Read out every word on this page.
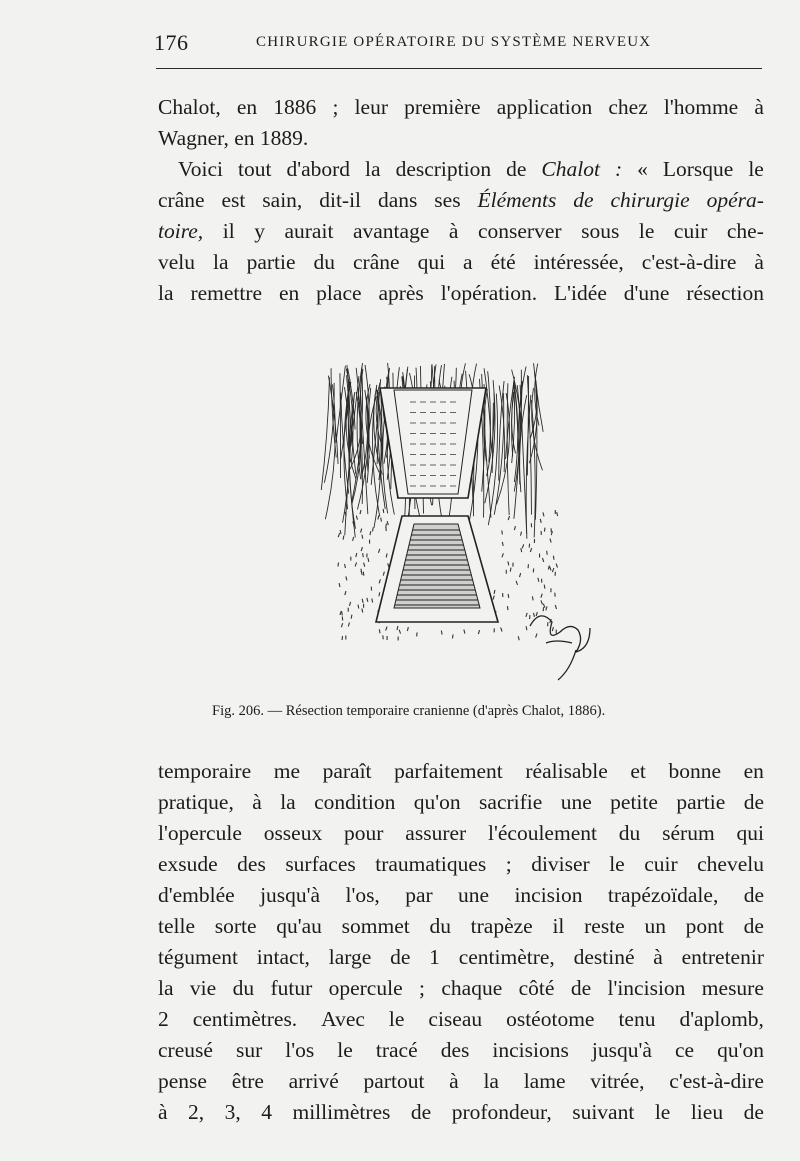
176	CHIRURGIE OPÉRATOIRE DU SYSTÈME NERVEUX
Chalot, en 1886 ; leur première application chez l'homme à
Wagner, en 1889.
Voici tout d'abord la description de Chalot : « Lorsque le
crâne est sain, dit-il dans ses Éléments de chirurgie opéra-
toire, il y aurait avantage à conserver sous le cuir che-
velu la partie du crâne qui a été intéressée, c'est-à-dire à
la remettre en place après l'opération. L'idée d'une résection
Fig. 206. — Résection temporaire cranienne (d'après Chalot, 1886).
temporaire me paraît parfaitement réalisable et bonne en
pratique, à la condition qu'on sacrifie une petite partie de
l'opercule osseux pour assurer l'écoulement du sérum qui
exsude des surfaces traumatiques ; diviser le cuir chevelu
d'emblée jusqu'à l'os, par une incision trapézoïdale, de
telle sorte qu'au sommet du trapèze il reste un pont de
tégument intact, large de 1 centimètre, destiné à entretenir
la vie du futur opercule ; chaque côté de l'incision mesure
2 centimètres. Avec le ciseau ostéotome tenu d'aplomb,
creusé sur l'os le tracé des incisions jusqu'à ce qu'on
pense être arrivé partout à la lame vitrée, c'est-à-dire
à 2, 3, 4 millimètres de profondeur, suivant le lieu de
